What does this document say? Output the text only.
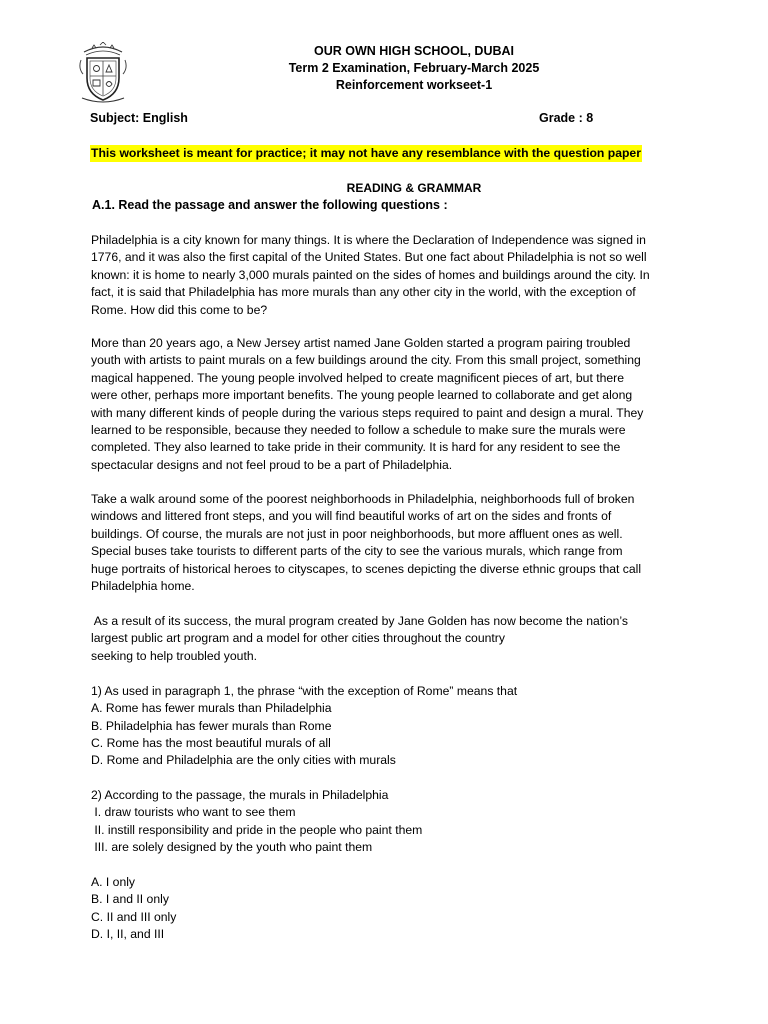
OUR OWN HIGH SCHOOL, DUBAI
Term 2 Examination, February-March 2025
Reinforcement workseet-1
Subject: English	Grade : 8
This worksheet is meant for practice; it may not have any resemblance with the question paper
READING & GRAMMAR
A.1. Read the passage and answer the following questions :

Philadelphia is a city known for many things. It is where the Declaration of Independence was signed in
1776, and it was also the first capital of the United States. But one fact about Philadelphia is not so well
known: it is home to nearly 3,000 murals painted on the sides of homes and buildings around the city. In
fact, it is said that Philadelphia has more murals than any other city in the world, with the exception of
Rome. How did this come to be?

More than 20 years ago, a New Jersey artist named Jane Golden started a program pairing troubled
youth with artists to paint murals on a few buildings around the city. From this small project, something
magical happened. The young people involved helped to create magnificent pieces of art, but there
were other, perhaps more important benefits. The young people learned to collaborate and get along
with many different kinds of people during the various steps required to paint and design a mural. They
learned to be responsible, because they needed to follow a schedule to make sure the murals were
completed. They also learned to take pride in their community. It is hard for any resident to see the
spectacular designs and not feel proud to be a part of Philadelphia.

Take a walk around some of the poorest neighborhoods in Philadelphia, neighborhoods full of broken
windows and littered front steps, and you will find beautiful works of art on the sides and fronts of
buildings. Of course, the murals are not just in poor neighborhoods, but more affluent ones as well.
Special buses take tourists to different parts of the city to see the various murals, which range from
huge portraits of historical heroes to cityscapes, to scenes depicting the diverse ethnic groups that call
Philadelphia home.

As a result of its success, the mural program created by Jane Golden has now become the nation’s
largest public art program and a model for other cities throughout the country
seeking to help troubled youth.

1) As used in paragraph 1, the phrase “with the exception of Rome” means that
A. Rome has fewer murals than Philadelphia
B. Philadelphia has fewer murals than Rome
C. Rome has the most beautiful murals of all
D. Rome and Philadelphia are the only cities with murals
2) According to the passage, the murals in Philadelphia
I. draw tourists who want to see them
II. instill responsibility and pride in the people who paint them
III. are solely designed by the youth who paint them
A. I only
B. I and II only
C. II and III only
D. I, II, and III
